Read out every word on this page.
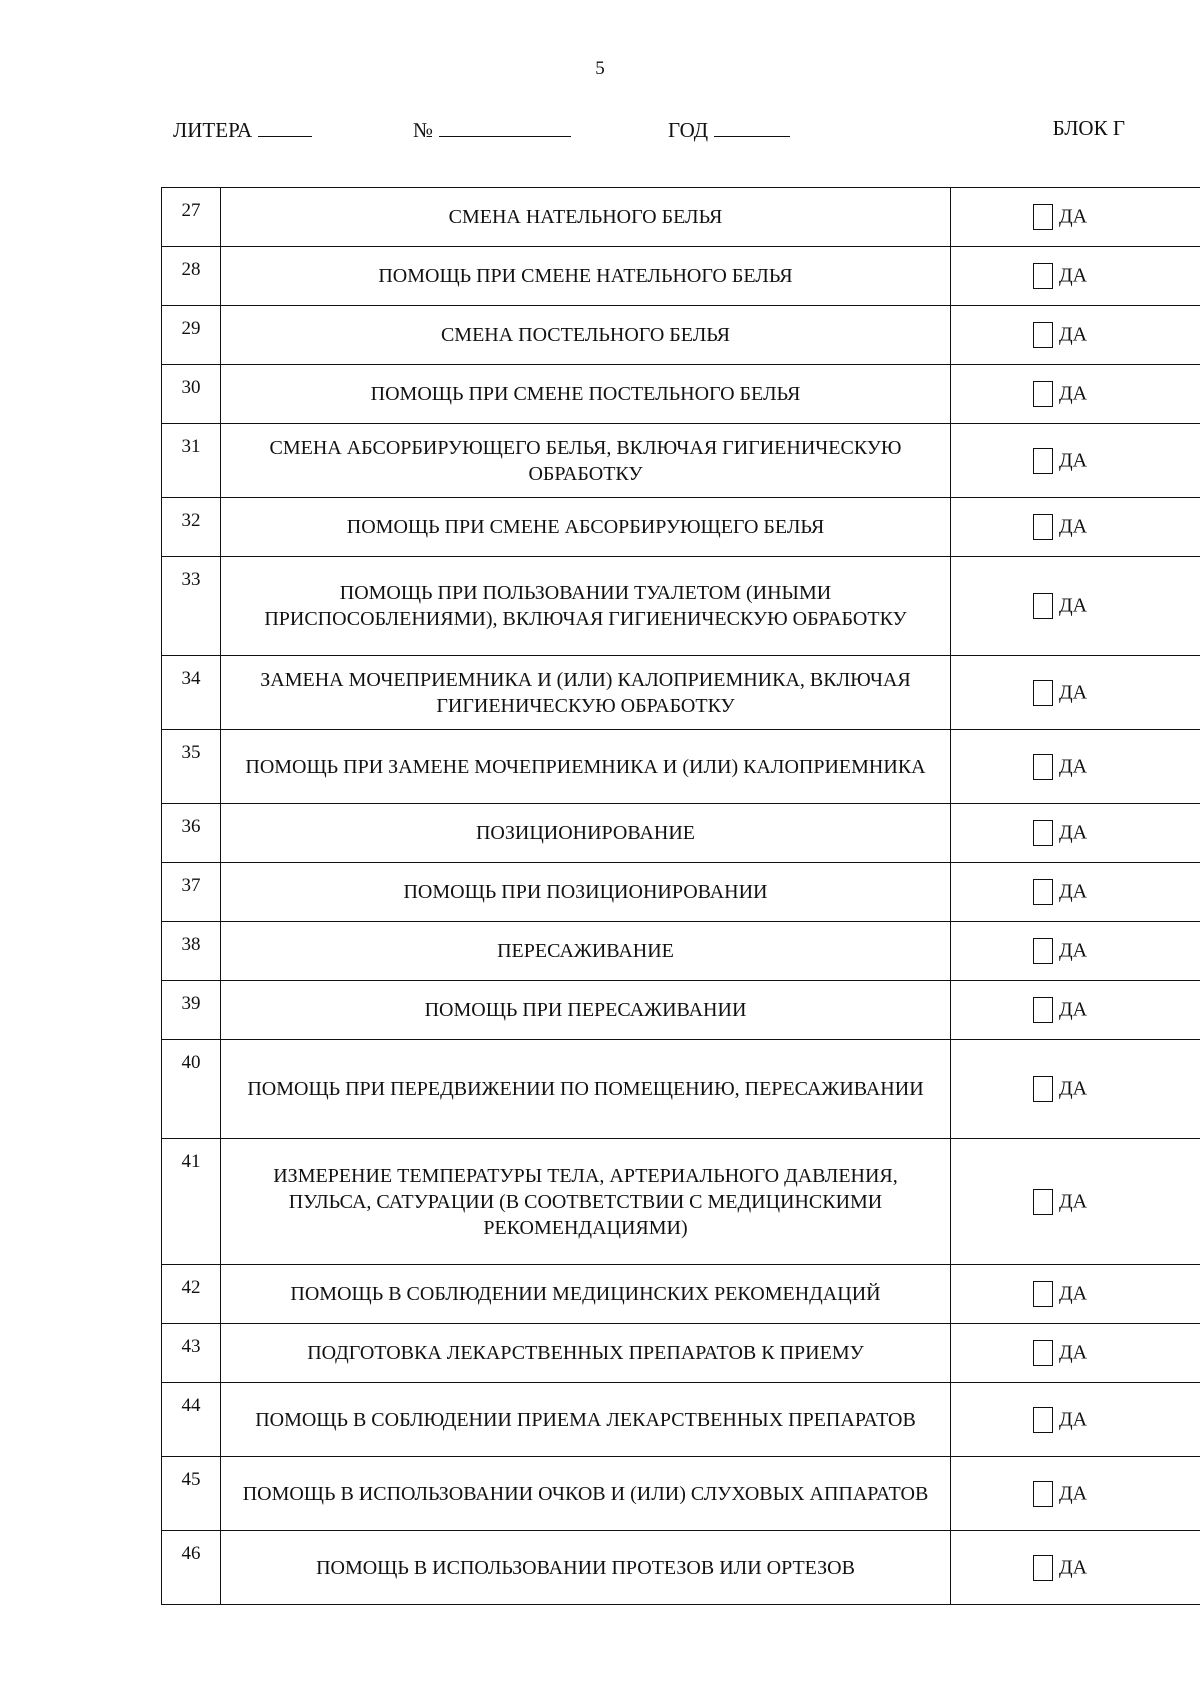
5
ЛИТЕРА	№	ГОД	БЛОК Г
27	СМЕНА НАТЕЛЬНОГО БЕЛЬЯ	ДА
28	ПОМОЩЬ ПРИ СМЕНЕ НАТЕЛЬНОГО БЕЛЬЯ	ДА
29	СМЕНА ПОСТЕЛЬНОГО БЕЛЬЯ	ДА
30	ПОМОЩЬ ПРИ СМЕНЕ ПОСТЕЛЬНОГО БЕЛЬЯ	ДА
31	СМЕНА АБСОРБИРУЮЩЕГО БЕЛЬЯ, ВКЛЮЧАЯ ГИГИЕНИЧЕСКУЮ ОБРАБОТКУ	ДА
32	ПОМОЩЬ ПРИ СМЕНЕ АБСОРБИРУЮЩЕГО БЕЛЬЯ	ДА
33	ПОМОЩЬ ПРИ ПОЛЬЗОВАНИИ ТУАЛЕТОМ (ИНЫМИ ПРИСПОСОБЛЕНИЯМИ), ВКЛЮЧАЯ ГИГИЕНИЧЕСКУЮ ОБРАБОТКУ	ДА
34	ЗАМЕНА МОЧЕПРИЕМНИКА И (ИЛИ) КАЛОПРИЕМНИКА, ВКЛЮЧАЯ ГИГИЕНИЧЕСКУЮ ОБРАБОТКУ	ДА
35	ПОМОЩЬ ПРИ ЗАМЕНЕ МОЧЕПРИЕМНИКА И (ИЛИ) КАЛОПРИЕМНИКА	ДА
36	ПОЗИЦИОНИРОВАНИЕ	ДА
37	ПОМОЩЬ ПРИ ПОЗИЦИОНИРОВАНИИ	ДА
38	ПЕРЕСАЖИВАНИЕ	ДА
39	ПОМОЩЬ ПРИ ПЕРЕСАЖИВАНИИ	ДА
40	ПОМОЩЬ ПРИ ПЕРЕДВИЖЕНИИ ПО ПОМЕЩЕНИЮ, ПЕРЕСАЖИВАНИИ	ДА
41	ИЗМЕРЕНИЕ ТЕМПЕРАТУРЫ ТЕЛА, АРТЕРИАЛЬНОГО ДАВЛЕНИЯ, ПУЛЬСА, САТУРАЦИИ (В СООТВЕТСТВИИ С МЕДИЦИНСКИМИ РЕКОМЕНДАЦИЯМИ)	ДА
42	ПОМОЩЬ В СОБЛЮДЕНИИ МЕДИЦИНСКИХ РЕКОМЕНДАЦИЙ	ДА
43	ПОДГОТОВКА ЛЕКАРСТВЕННЫХ ПРЕПАРАТОВ К ПРИЕМУ	ДА
44	ПОМОЩЬ В СОБЛЮДЕНИИ ПРИЕМА ЛЕКАРСТВЕННЫХ ПРЕПАРАТОВ	ДА
45	ПОМОЩЬ В ИСПОЛЬЗОВАНИИ ОЧКОВ И (ИЛИ) СЛУХОВЫХ АППАРАТОВ	ДА
46	ПОМОЩЬ В ИСПОЛЬЗОВАНИИ ПРОТЕЗОВ ИЛИ ОРТЕЗОВ	ДА
